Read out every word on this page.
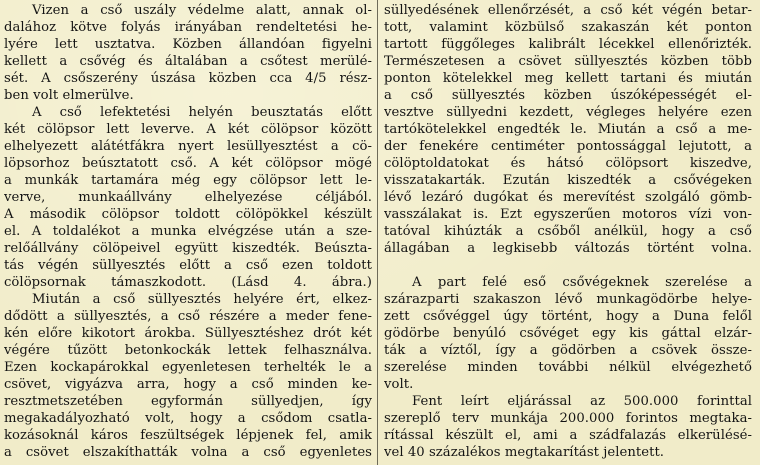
Vizen a cső uszály védelme alatt, annak ol-
dalához kötve folyás irányában rendeltetési he-
lyére lett usztatva. Közben állandóan figyelni
kellett a csővég és általában a csőtest merülé-
sét. A csőszerény úszása közben cca 4/5 rész-
ben volt elmerülve.
A cső lefektetési helyén beusztatás előtt
két cölöpsor lett leverve. A két cölöpsor között
elhelyezett alátétfákra nyert lesüllyesztést a cö-
löpsorhoz beúsztatott cső. A két cölöpsor mögé
a munkák tartamára még egy cölöpsor lett le-
verve, munkaállvány elhelyezése céljából.
A második cölöpsor toldott cölöpökkel készült
el. A toldalékot a munka elvégzése után a sze-
relőállvány cölöpeivel együtt kiszedték. Beúszta-
tás végén süllyesztés előtt a cső ezen toldott
cölöpsornak támaszkodott. (Lásd 4. ábra.)
Miután a cső süllyesztés helyére ért, elkez-
dődött a süllyesztés, a cső részére a meder fene-
kén előre kikotort árokba. Süllyesztéshez drót két
végére tűzött betonkockák lettek felhasználva.
Ezen kockapárokkal egyenletesen terhelték le a
csövet, vigyázva arra, hogy a cső minden ke-
resztmetszetében egyformán süllyedjen, így
megakadályozható volt, hogy a csődom csatla-
kozásoknál káros feszültségek lépjenek fel, amik
a csövet elszakíthatták volna a cső egyenletes
süllyedésének ellenőrzését, a cső két végén betar-
tott, valamint közbülső szakaszán két ponton
tartott függőleges kalibrált lécekkel ellenőrizték.
Természetesen a csövet süllyesztés közben több
ponton kötelekkel meg kellett tartani és miután
a cső süllyesztés közben úszóképességét el-
vesztve süllyedni kezdett, végleges helyére ezen
tartókötelekkel engedték le. Miután a cső a me-
der fenekére centiméter pontossággal lejutott, a
cölöptoldatokat és hátsó cölöpsort kiszedve,
visszatakarták. Ezután kiszedték a csővégeken
lévő lezáró dugókat és merevítést szolgáló gömb-
vasszálakat is. Ezt egyszerűen motoros vízi von-
tatóval kihúzták a csőből anélkül, hogy a cső
állagában a legkisebb változás történt volna.
A part felé eső csővégeknek szerelése a
szárazparti szakaszon lévő munkagödörbe helye-
zett csővéggel úgy történt, hogy a Duna felől
gödörbe benyúló csővéget egy kis gáttal elzár-
ták a víztől, így a gödörben a csövek össze-
szerelése minden további nélkül elvégezhető
volt.
Fent leírt eljárással az 500.000 forinttal
szereplő terv munkája 200.000 forintos megtaka-
rítással készült el, ami a szádfalazás elkerülésé-
vel 40 százalékos megtakarítást jelentett.
